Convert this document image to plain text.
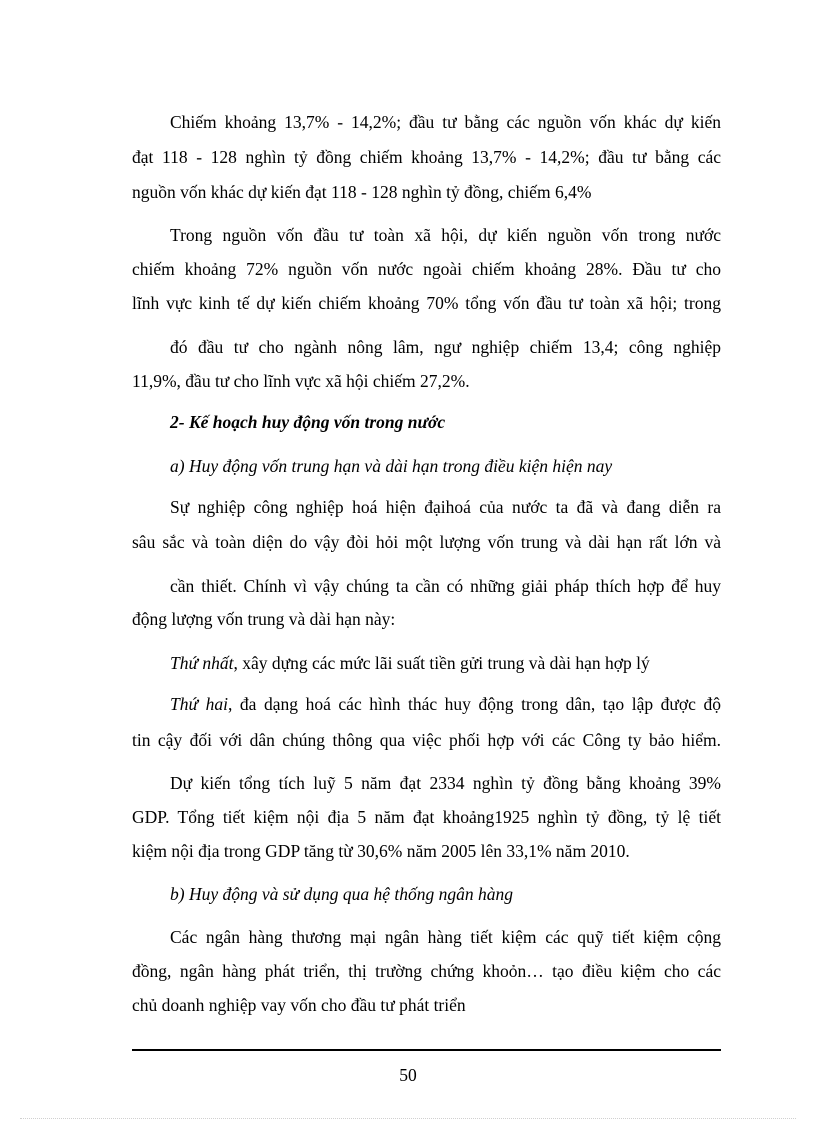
Chiếm khoảng 13,7% - 14,2%; đầu tư bằng các nguồn vốn khác dự kiến
đạt 118 - 128 nghìn tỷ đồng chiếm khoảng 13,7% - 14,2%; đầu tư bằng các
nguồn vốn khác dự kiến đạt 118 - 128 nghìn tỷ đồng, chiếm 6,4%
Trong nguồn vốn đầu tư toàn xã hội, dự kiến nguồn vốn trong nước
chiếm khoảng 72% nguồn vốn nước ngoài chiếm khoảng 28%. Đầu tư cho
lĩnh vực kinh tế dự kiến chiếm khoảng 70% tổng vốn đầu tư toàn xã hội; trong
đó đầu tư cho ngành nông lâm, ngư nghiệp chiếm 13,4; công nghiệp
11,9%, đầu tư cho lĩnh vực xã hội chiếm 27,2%.
2- Kế hoạch huy động vốn trong nước
a) Huy động vốn trung hạn và dài hạn trong điều kiện hiện nay
Sự nghiệp công nghiệp hoá hiện đạihoá của nước ta đã và đang diễn ra
sâu sắc và toàn diện do vậy đòi hỏi một lượng vốn trung và dài hạn rất lớn và
cần thiết. Chính vì vậy chúng ta cần có những giải pháp thích hợp để huy
động lượng vốn trung và dài hạn này:
Thứ nhất, xây dựng các mức lãi suất tiền gửi trung và dài hạn hợp lý
Thứ hai, đa dạng hoá các hình thác huy động trong dân, tạo lập được độ
tin cậy đối với dân chúng thông qua việc phối hợp với các Công ty bảo hiểm.
Dự kiến tổng tích luỹ 5 năm đạt 2334 nghìn tỷ đồng bằng khoảng 39%
GDP. Tổng tiết kiệm nội địa 5 năm đạt khoảng1925 nghìn tỷ đồng, tỷ lệ tiết
kiệm nội địa trong GDP tăng từ 30,6% năm 2005 lên 33,1% năm 2010.
b) Huy động và sử dụng qua hệ thống ngân hàng
Các ngân hàng thương mại ngân hàng tiết kiệm các quỹ tiết kiệm cộng
đồng, ngân hàng phát triển, thị trường chứng khoỏn… tạo điều kiệm cho các
chủ doanh nghiệp vay vốn cho đầu tư phát triển
50
